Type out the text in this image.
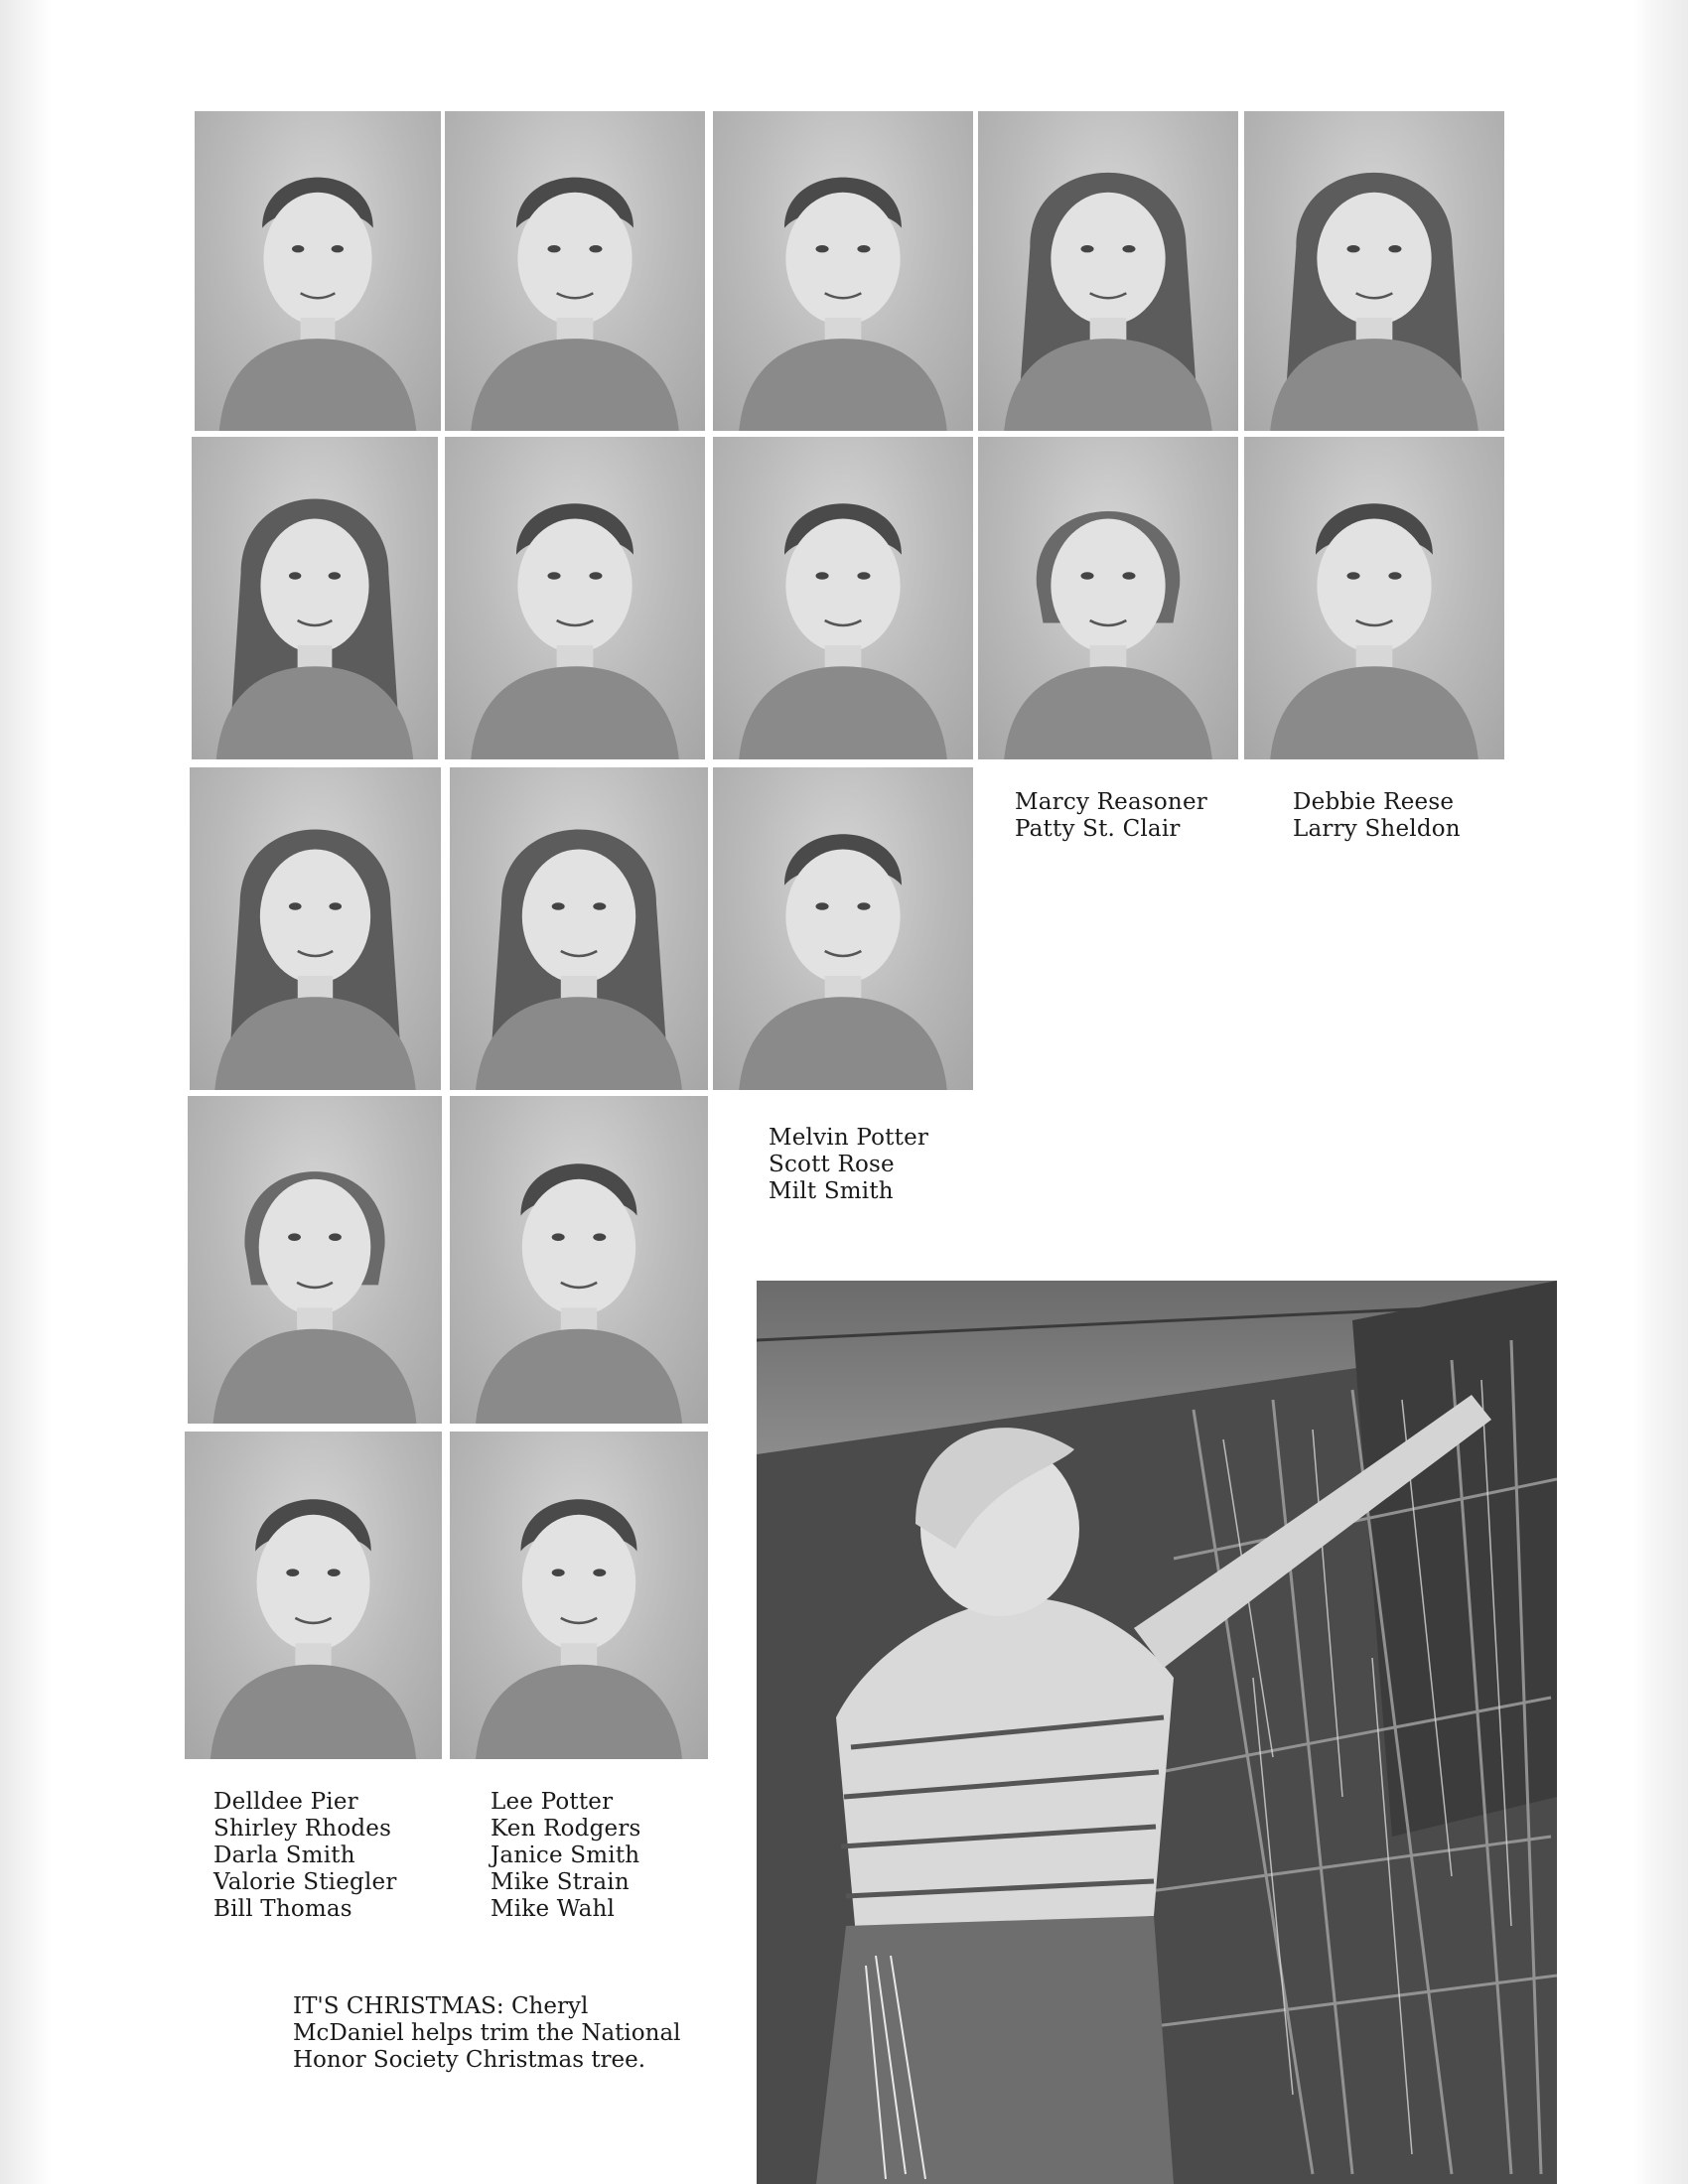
Marcy Reasoner
Patty St. Clair
Debbie Reese
Larry Sheldon
Melvin Potter
Scott Rose
Milt Smith
Delldee Pier
Shirley Rhodes
Darla Smith
Valorie Stiegler
Bill Thomas
Lee Potter
Ken Rodgers
Janice Smith
Mike Strain
Mike Wahl
IT'S CHRISTMAS: Cheryl
McDaniel helps trim the National
Honor Society Christmas tree.
